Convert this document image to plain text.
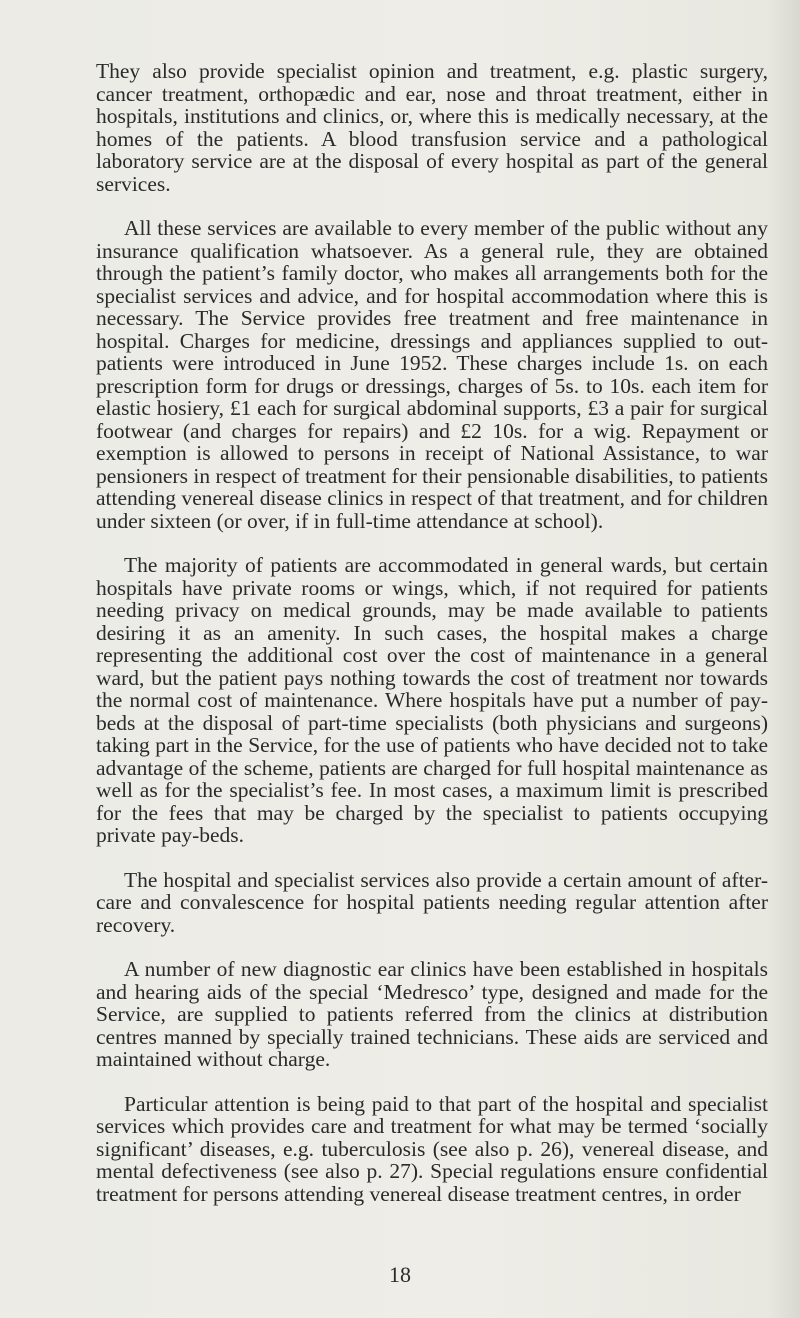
They also provide specialist opinion and treatment, e.g. plastic surgery, cancer treatment, orthopædic and ear, nose and throat treatment, either in hospitals, institutions and clinics, or, where this is medically necessary, at the homes of the patients. A blood transfusion service and a pathological laboratory service are at the disposal of every hospital as part of the general services.

All these services are available to every member of the public without any insurance qualification whatsoever. As a general rule, they are obtained through the patient’s family doctor, who makes all arrangements both for the specialist services and advice, and for hospital accommodation where this is necessary. The Service provides free treatment and free maintenance in hospital. Charges for medicine, dressings and appliances supplied to out-patients were introduced in June 1952. These charges include 1s. on each prescription form for drugs or dressings, charges of 5s. to 10s. each item for elastic hosiery, £1 each for surgical abdominal supports, £3 a pair for surgical footwear (and charges for repairs) and £2 10s. for a wig. Repayment or exemption is allowed to persons in receipt of National Assistance, to war pensioners in respect of treatment for their pensionable disabilities, to patients attending venereal disease clinics in respect of that treatment, and for children under sixteen (or over, if in full-time attendance at school).

The majority of patients are accommodated in general wards, but certain hospitals have private rooms or wings, which, if not required for patients needing privacy on medical grounds, may be made available to patients desiring it as an amenity. In such cases, the hospital makes a charge representing the additional cost over the cost of maintenance in a general ward, but the patient pays nothing towards the cost of treatment nor towards the normal cost of maintenance. Where hospitals have put a number of pay-beds at the disposal of part-time specialists (both physicians and surgeons) taking part in the Service, for the use of patients who have decided not to take advantage of the scheme, patients are charged for full hospital maintenance as well as for the specialist’s fee. In most cases, a maximum limit is prescribed for the fees that may be charged by the specialist to patients occupying private pay-beds.

The hospital and specialist services also provide a certain amount of after-care and convalescence for hospital patients needing regular attention after recovery.

A number of new diagnostic ear clinics have been established in hospitals and hearing aids of the special ‘Medresco’ type, designed and made for the Service, are supplied to patients referred from the clinics at distribution centres manned by specially trained technicians. These aids are serviced and maintained without charge.

Particular attention is being paid to that part of the hospital and specialist services which provides care and treatment for what may be termed ‘socially significant’ diseases, e.g. tuberculosis (see also p. 26), venereal disease, and mental defectiveness (see also p. 27). Special regulations ensure confidential treatment for persons attending venereal disease treatment centres, in order

18
